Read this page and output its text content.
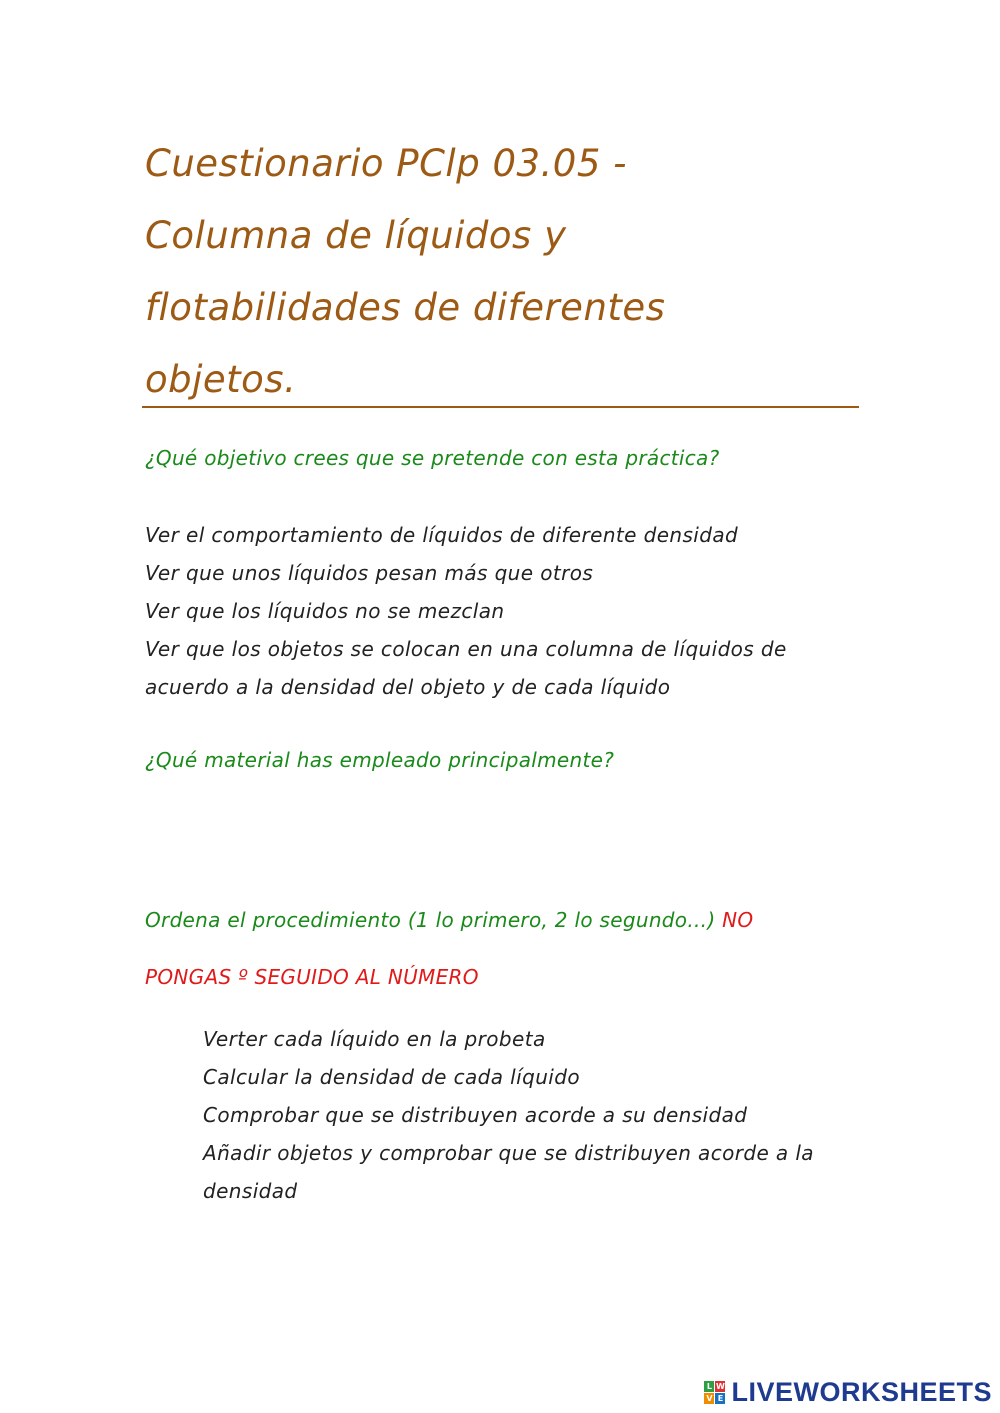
Cuestionario PClp 03.05 -
Columna de líquidos y
flotabilidades de diferentes
objetos.
¿Qué objetivo crees que se pretende con esta práctica?
Ver el comportamiento de líquidos de diferente densidad
Ver que unos líquidos pesan más que otros
Ver que los líquidos no se mezclan
Ver que los objetos se colocan en una columna de líquidos de acuerdo a la densidad del objeto y de cada líquido
¿Qué material has empleado principalmente?
Ordena el procedimiento (1 lo primero, 2 lo segundo...) NO PONGAS º SEGUIDO AL NÚMERO
Verter cada líquido en la probeta
Calcular la densidad de cada líquido
Comprobar que se distribuyen acorde a su densidad
Añadir objetos y comprobar que se distribuyen acorde a la densidad
L W
V E LIVEWORKSHEETS
